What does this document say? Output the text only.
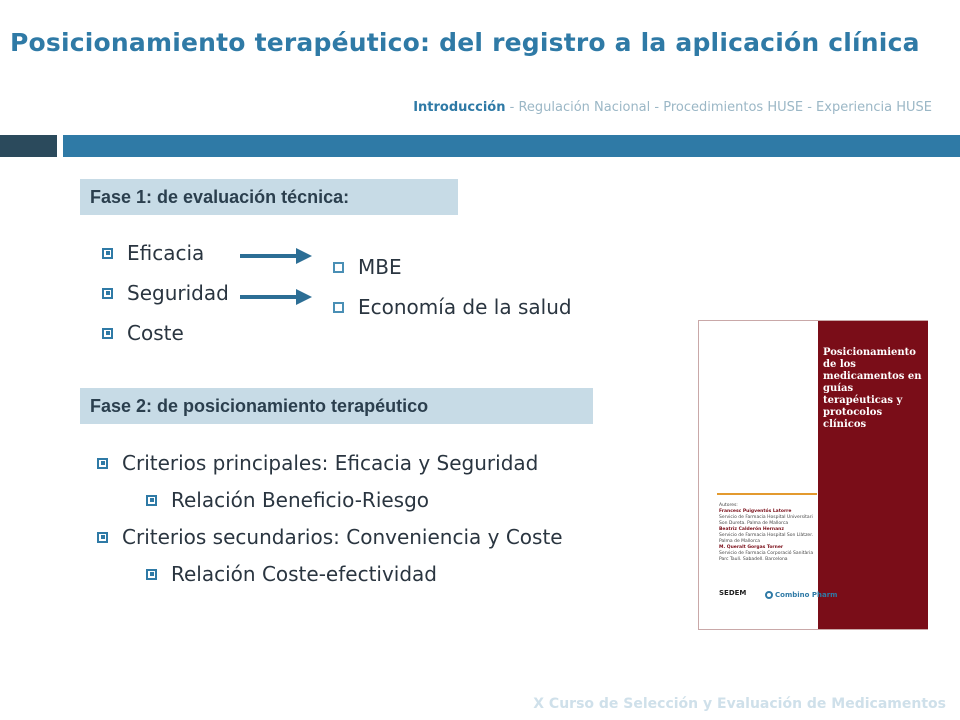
Posicionamiento terapéutico: del registro a la aplicación clínica
Introducción - Regulación Nacional - Procedimientos HUSE - Experiencia HUSE
Fase 1: de evaluación técnica:
Eficacia
Seguridad
Coste
MBE
Economía de la salud
Fase 2: de posicionamiento terapéutico
Criterios principales: Eficacia y Seguridad
Relación Beneficio-Riesgo
Criterios secundarios: Conveniencia y Coste
Relación Coste-efectividad
Posicionamiento de los medicamentos en guías terapéuticas y protocolos clínicos
Autores:
Francesc Puigventós Latorre
Servicio de Farmacia Hospital Universitari Son Dureta. Palma de Mallorca
Beatriz Calderón Hernanz
Servicio de Farmacia Hospital Son Llàtzer. Palma de Mallorca
M. Queralt Gorgas Torner
Servicio de Farmacia Corporació Sanitària Parc Taulí. Sabadell. Barcelona
SEDEM	Combino Pharm
X Curso de Selección y Evaluación de Medicamentos
